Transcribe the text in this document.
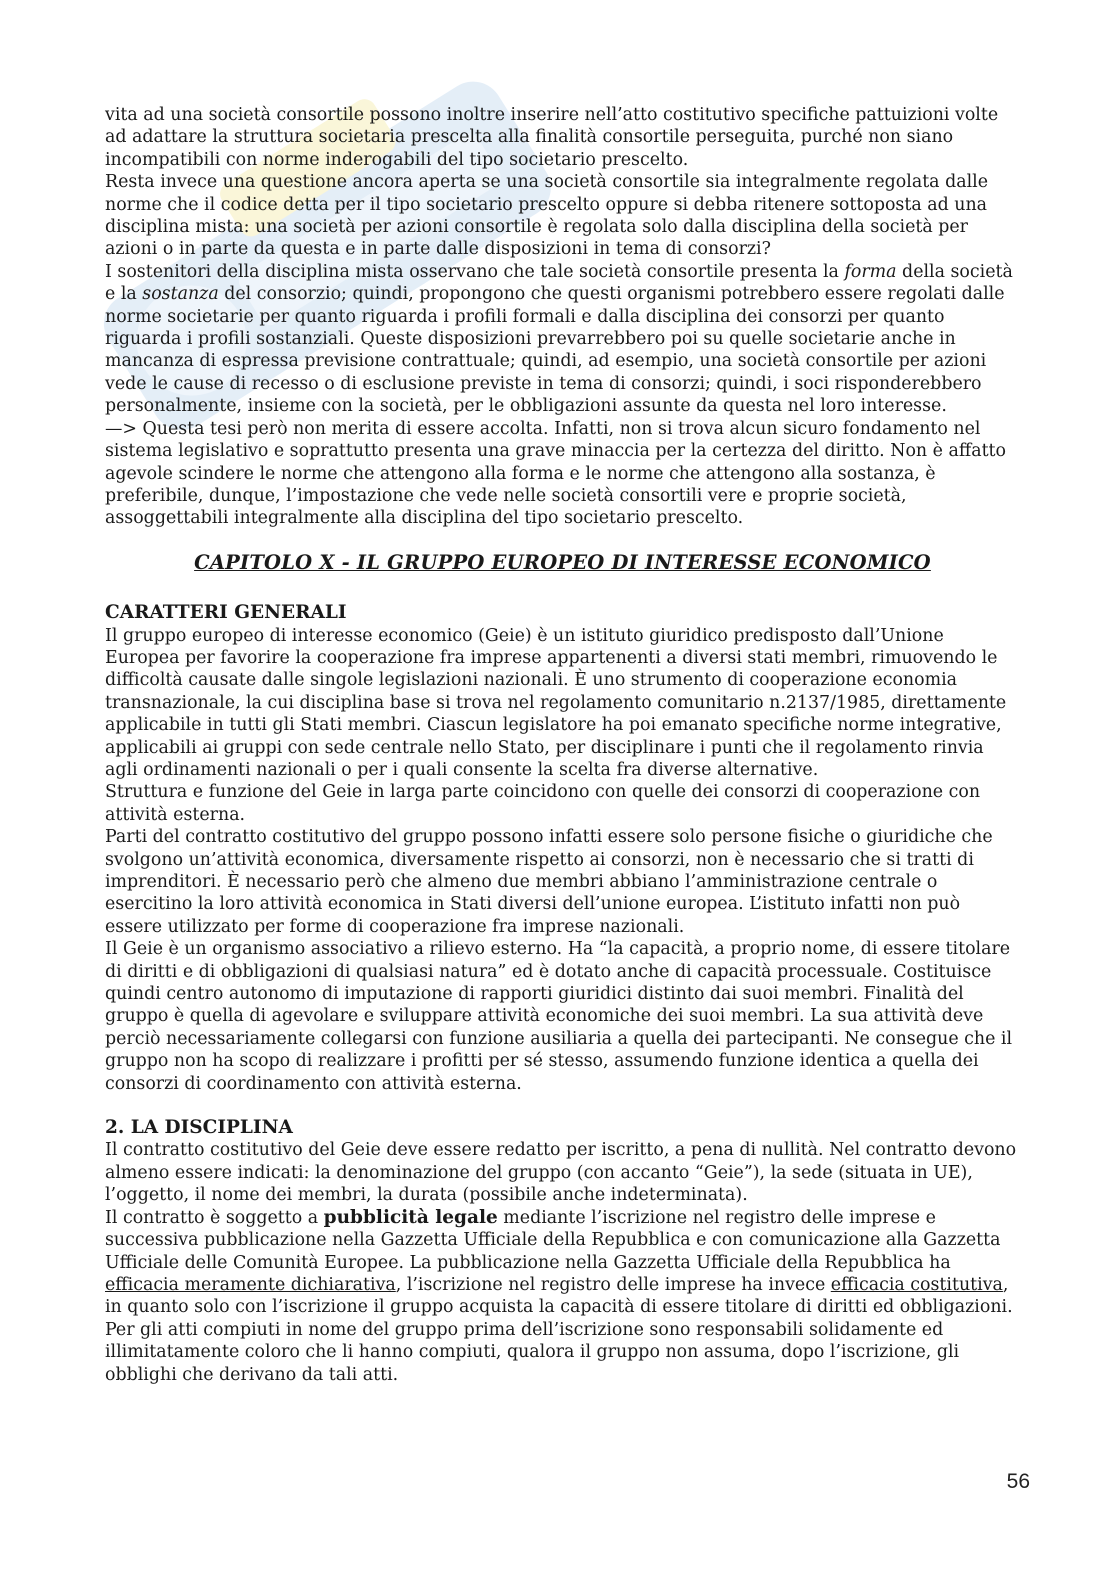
vita ad una società consortile possono inoltre inserire nell’atto costitutivo specifiche pattuizioni volte ad adattare la struttura societaria prescelta alla finalità consortile perseguita, purché non siano incompatibili con norme inderogabili del tipo societario prescelto.

Resta invece una questione ancora aperta se una società consortile sia integralmente regolata dalle norme che il codice detta per il tipo societario prescelto oppure si debba ritenere sottoposta ad una disciplina mista: una società per azioni consortile è regolata solo dalla disciplina della società per azioni o in parte da questa e in parte dalle disposizioni in tema di consorzi?

I sostenitori della disciplina mista osservano che tale società consortile presenta la forma della società e la sostanza del consorzio; quindi, propongono che questi organismi potrebbero essere regolati dalle norme societarie per quanto riguarda i profili formali e dalla disciplina dei consorzi per quanto riguarda i profili sostanziali. Queste disposizioni prevarrebbero poi su quelle societarie anche in mancanza di espressa previsione contrattuale; quindi, ad esempio, una società consortile per azioni vede le cause di recesso o di esclusione previste in tema di consorzi; quindi, i soci risponderebbero personalmente, insieme con la società, per le obbligazioni assunte da questa nel loro interesse.

—> Questa tesi però non merita di essere accolta. Infatti, non si trova alcun sicuro fondamento nel sistema legislativo e soprattutto presenta una grave minaccia per la certezza del diritto. Non è affatto agevole scindere le norme che attengono alla forma e le norme che attengono alla sostanza, è preferibile, dunque, l’impostazione che vede nelle società consortili vere e proprie società, assoggettabili integralmente alla disciplina del tipo societario prescelto.

CAPITOLO X - IL GRUPPO EUROPEO DI INTERESSE ECONOMICO
CARATTERI GENERALI

Il gruppo europeo di interesse economico (Geie) è un istituto giuridico predisposto dall’Unione Europea per favorire la cooperazione fra imprese appartenenti a diversi stati membri, rimuovendo le difficoltà causate dalle singole legislazioni nazionali. È uno strumento di cooperazione economia transnazionale, la cui disciplina base si trova nel regolamento comunitario n.2137/1985, direttamente applicabile in tutti gli Stati membri. Ciascun legislatore ha poi emanato specifiche norme integrative, applicabili ai gruppi con sede centrale nello Stato, per disciplinare i punti che il regolamento rinvia agli ordinamenti nazionali o per i quali consente la scelta fra diverse alternative.

Struttura e funzione del Geie in larga parte coincidono con quelle dei consorzi di cooperazione con attività esterna.

Parti del contratto costitutivo del gruppo possono infatti essere solo persone fisiche o giuridiche che svolgono un’attività economica, diversamente rispetto ai consorzi, non è necessario che si tratti di imprenditori. È necessario però che almeno due membri abbiano l’amministrazione centrale o esercitino la loro attività economica in Stati diversi dell’unione europea. L’istituto infatti non può essere utilizzato per forme di cooperazione fra imprese nazionali.

Il Geie è un organismo associativo a rilievo esterno. Ha “la capacità, a proprio nome, di essere titolare di diritti e di obbligazioni di qualsiasi natura” ed è dotato anche di capacità processuale. Costituisce quindi centro autonomo di imputazione di rapporti giuridici distinto dai suoi membri. Finalità del gruppo è quella di agevolare e sviluppare attività economiche dei suoi membri. La sua attività deve perciò necessariamente collegarsi con funzione ausiliaria a quella dei partecipanti. Ne consegue che il gruppo non ha scopo di realizzare i profitti per sé stesso, assumendo funzione identica a quella dei consorzi di coordinamento con attività esterna.

2. LA DISCIPLINA

Il contratto costitutivo del Geie deve essere redatto per iscritto, a pena di nullità. Nel contratto devono almeno essere indicati: la denominazione del gruppo (con accanto “Geie”), la sede (situata in UE), l’oggetto, il nome dei membri, la durata (possibile anche indeterminata).

Il contratto è soggetto a pubblicità legale mediante l’iscrizione nel registro delle imprese e successiva pubblicazione nella Gazzetta Ufficiale della Repubblica e con comunicazione alla Gazzetta Ufficiale delle Comunità Europee. La pubblicazione nella Gazzetta Ufficiale della Repubblica ha efficacia meramente dichiarativa, l’iscrizione nel registro delle imprese ha invece efficacia costitutiva, in quanto solo con l’iscrizione il gruppo acquista la capacità di essere titolare di diritti ed obbligazioni.

Per gli atti compiuti in nome del gruppo prima dell’iscrizione sono responsabili solidamente ed illimitatamente coloro che li hanno compiuti, qualora il gruppo non assuma, dopo l’iscrizione, gli obblighi che derivano da tali atti.

56
